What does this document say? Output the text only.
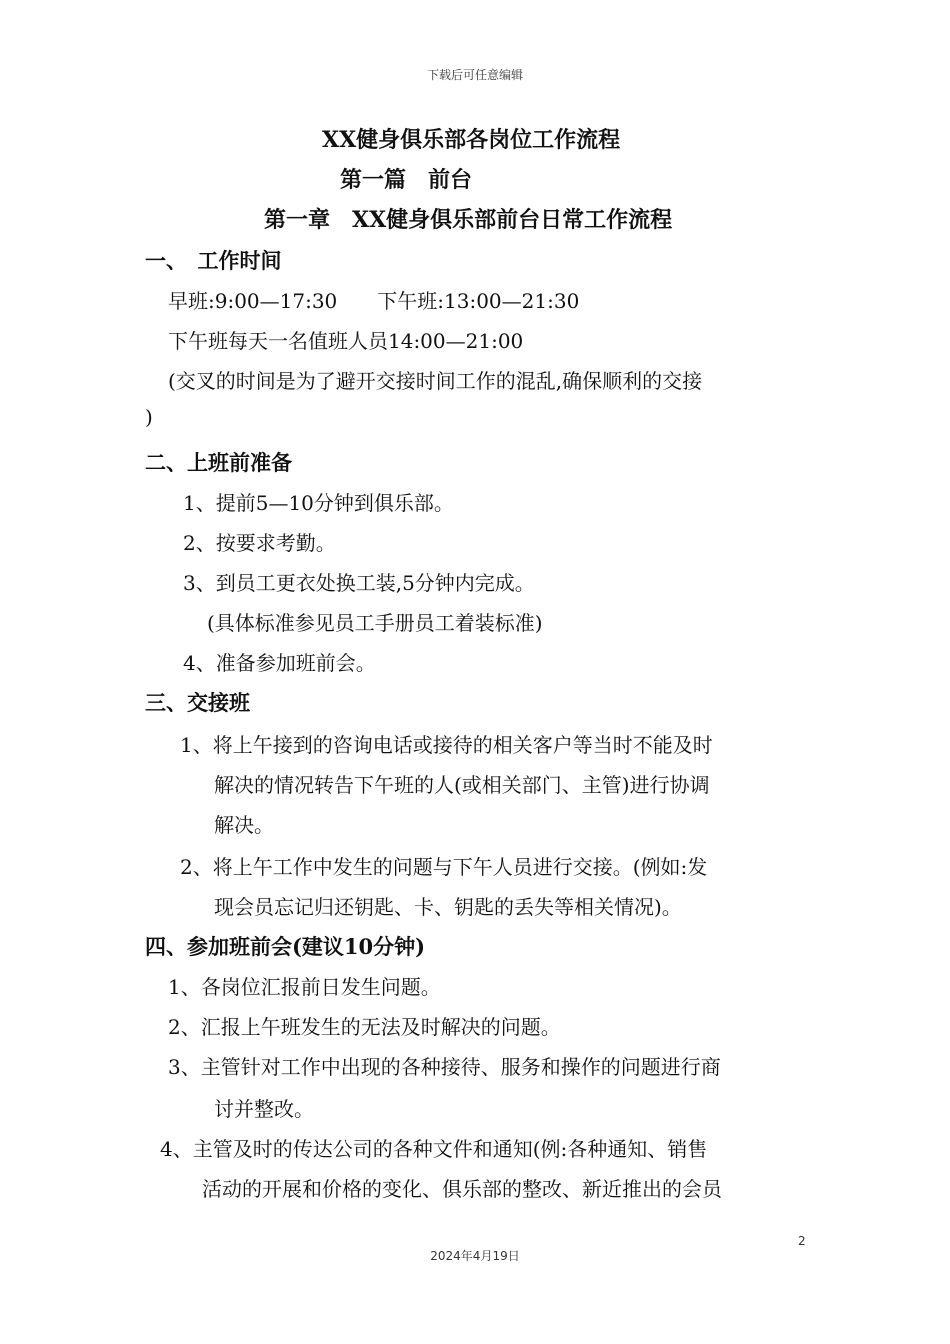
下载后可任意编辑
XX健身俱乐部各岗位工作流程
第一篇　前台
第一章　XX健身俱乐部前台日常工作流程
一、　工作时间
早班:9:00—17:30　　下午班:13:00—21:30
下午班每天一名值班人员14:00—21:00
(交叉的时间是为了避开交接时间工作的混乱,确保顺利的交接
)
二、上班前准备
1、提前5—10分钟到俱乐部。
2、按要求考勤。
3、到员工更衣处换工装,5分钟内完成。
(具体标准参见员工手册员工着装标准)
4、准备参加班前会。
三、交接班
1、将上午接到的咨询电话或接待的相关客户等当时不能及时
解决的情况转告下午班的人(或相关部门、主管)进行协调
解决。
2、将上午工作中发生的问题与下午人员进行交接。(例如:发
现会员忘记归还钥匙、卡、钥匙的丢失等相关情况)。
四、参加班前会(建议10分钟)
1、各岗位汇报前日发生问题。
2、汇报上午班发生的无法及时解决的问题。
3、主管针对工作中出现的各种接待、服务和操作的问题进行商
讨并整改。
4、主管及时的传达公司的各种文件和通知(例:各种通知、销售
活动的开展和价格的变化、俱乐部的整改、新近推出的会员
2
2024年4月19日
